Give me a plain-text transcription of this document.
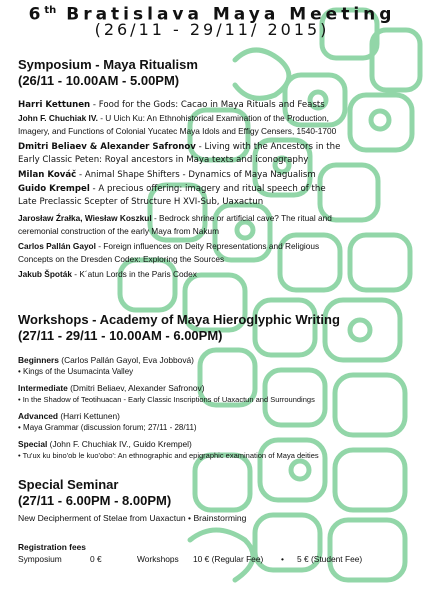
6th Bratislava Maya Meeting
(26/11 - 29/11/ 2015)
Symposium - Maya Ritualism
(26/11 - 10.00AM - 5.00PM)
Harri Kettunen - Food for the Gods: Cacao in Maya Rituals and Feasts
John F. Chuchiak IV. - U Uich Ku: An Ethnohistorical Examination of the Production,
Imagery, and Functions of Colonial Yucatec Maya Idols and Effigy Censers, 1540-1700
Dmitri Beliaev & Alexander Safronov - Living with the Ancestors in the
Early Classic Peten: Royal ancestors in Maya texts and iconography
Milan Kováč - Animal Shape Shifters - Dynamics of Maya Nagualism
Guido Krempel - A precious offering: imagery and ritual speech of the
Late Preclassic Scepter of Structure H XVI-Sub, Uaxactun
Jarosław Źrałka, Wiesław Koszkul - Bedrock shrine or artificial cave? The ritual and
ceremonial construction of the early Maya from Nakum
Carlos Pallán Gayol - Foreign influences on Deity Representations and Religious
Concepts on the Dresden Codex: Exploring the Sources
Jakub Špoták - K´atun Lords in the Paris Codex
Workshops - Academy of Maya Hieroglyphic Writing
(27/11 - 29/11 - 10.00AM - 6.00PM)
Beginners (Carlos Pallán Gayol, Eva Jobbová)
• Kings of the Usumacinta Valley
Intermediate (Dmitri Beliaev, Alexander Safronov)
• In the Shadow of Teotihuacan - Early Classic Inscriptions of Uaxactun and Surroundings
Advanced (Harri Kettunen)
• Maya Grammar (discussion forum; 27/11 - 28/11)
Special (John F. Chuchiak IV., Guido Krempel)
• Tu'ux ku bino'ob le kuo'obo': An ethnographic and epigraphic examination of Maya deities
Special Seminar
(27/11 - 6.00PM - 8.00PM)
New Decipherment of Stelae from Uaxactun • Brainstorming
Registration fees
Symposium	0 €	Workshops 10 € (Regular Fee) • 5 € (Student Fee)
